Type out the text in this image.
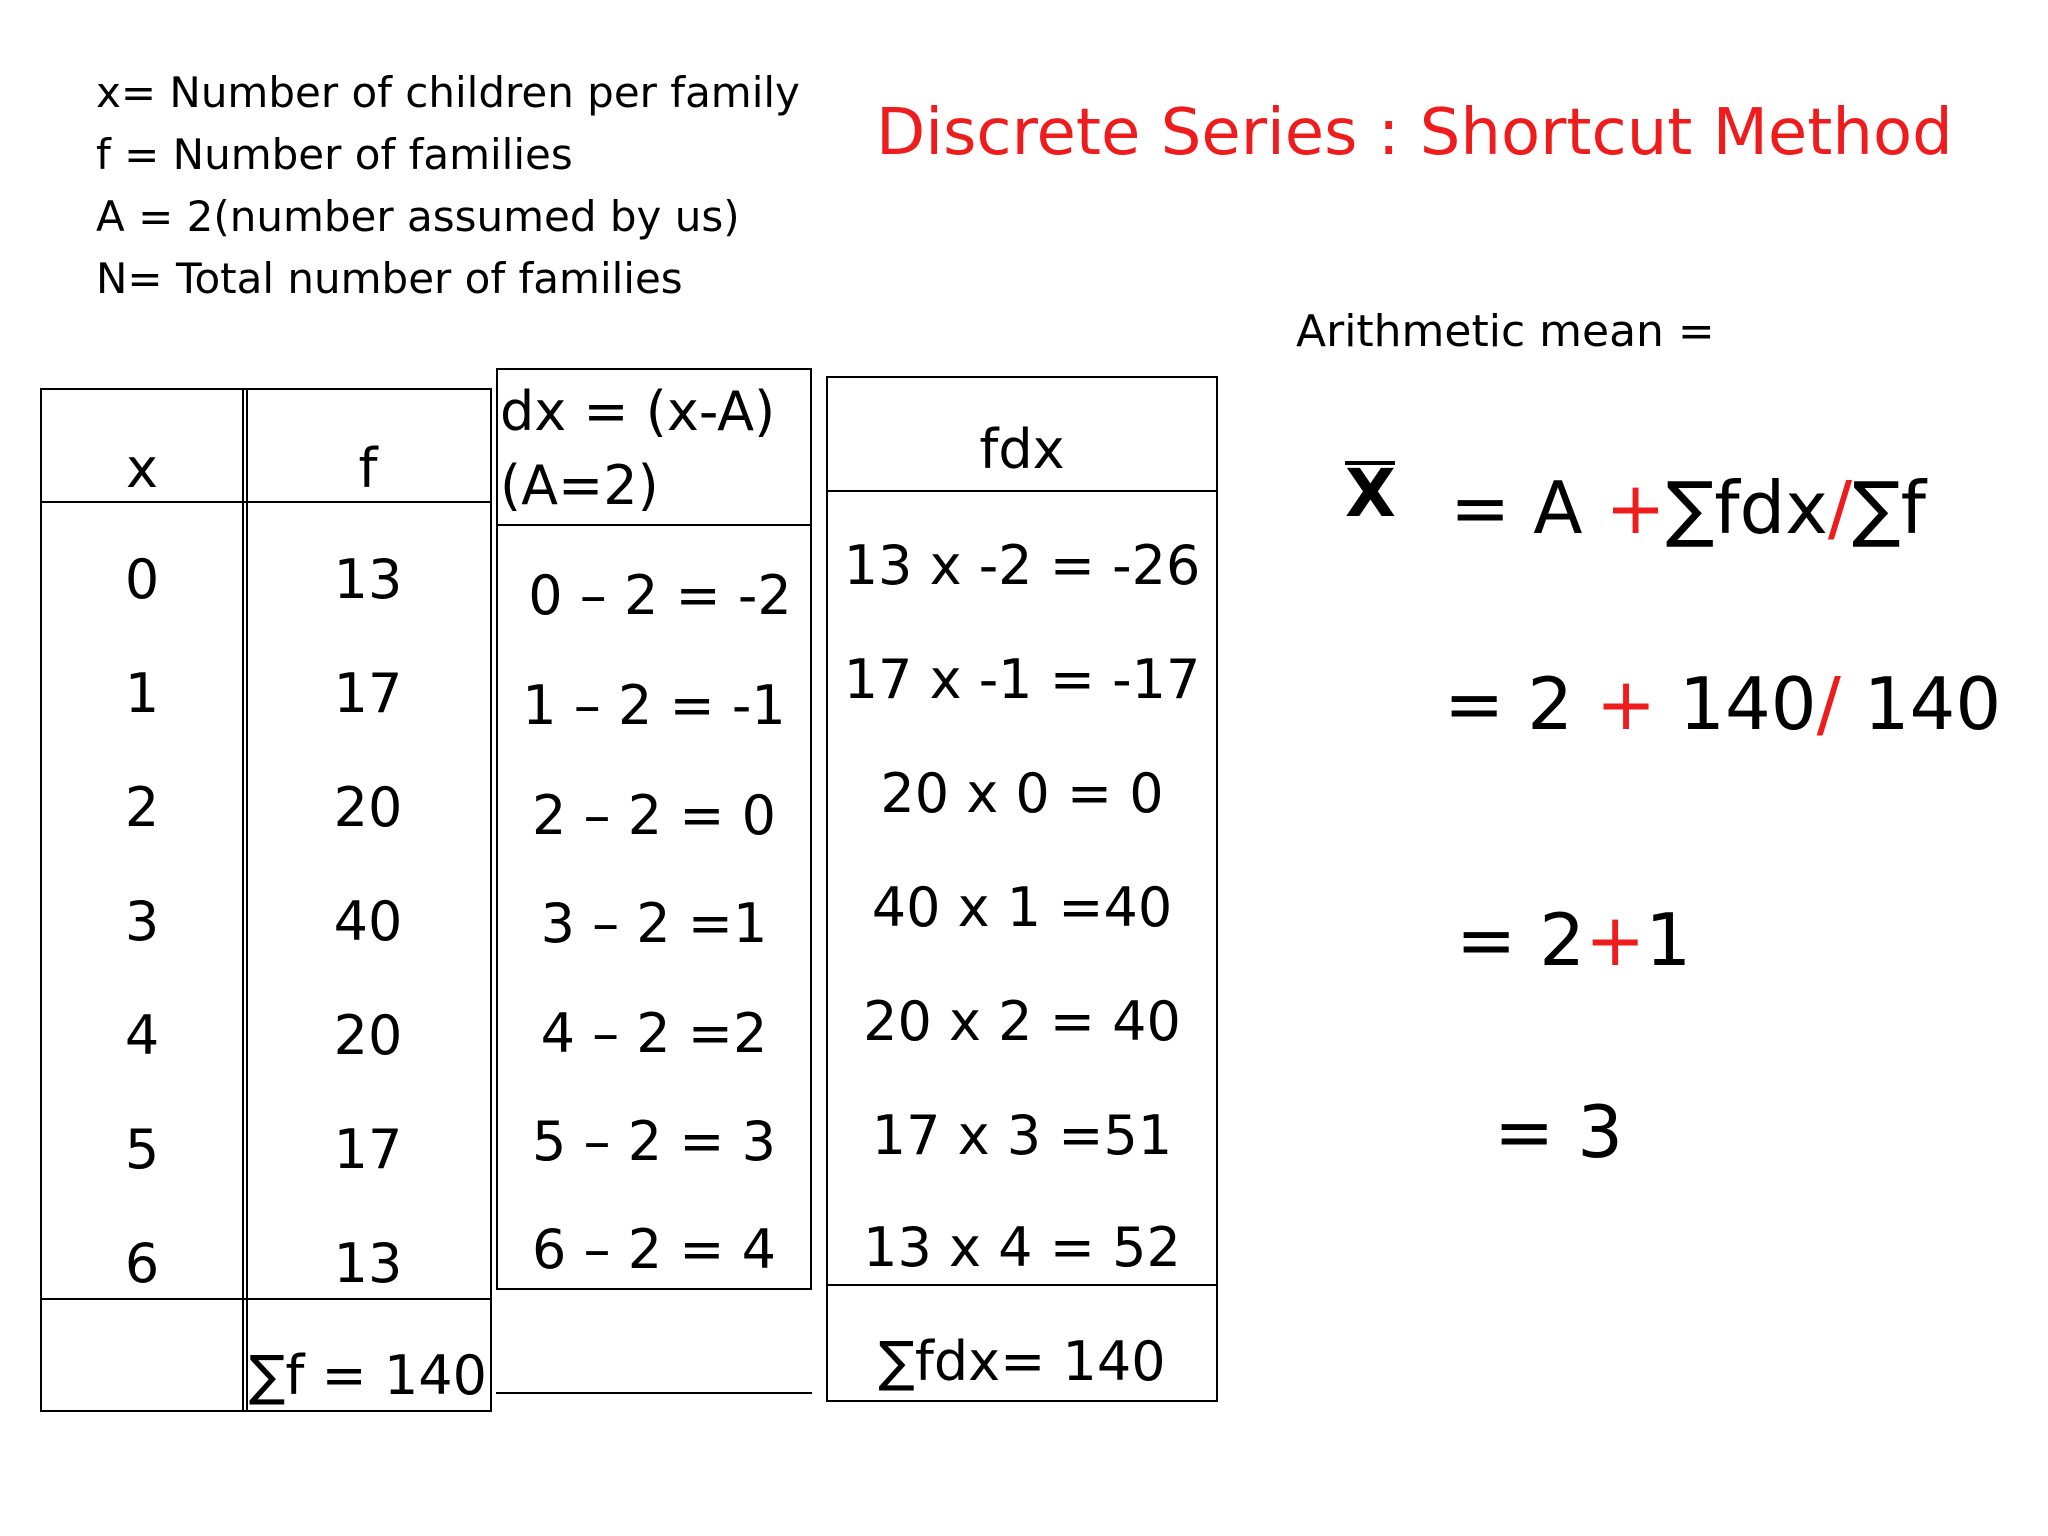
x= Number of children per family
f = Number of families
A = 2(number assumed by us)
N= Total number of families
Discrete Series : Shortcut Method
x	f
0
1
2
3
4
5
6
13
17
20
40
20
17
13
∑f = 140
dx = (x-A)
(A=2)
0 – 2 = -2
1 – 2 = -1
2 – 2 = 0
3 – 2 =1
4 – 2 =2
5 – 2 = 3
6 – 2 = 4
fdx
13 x -2 = -26
17 x -1 = -17
20 x 0 = 0
40 x 1 =40
20 x 2 = 40
17 x 3 =51
13 x 4 = 52
∑fdx= 140
Arithmetic mean =
X = A +∑fdx/∑f
= 2 + 140/ 140
= 2+1
= 3
